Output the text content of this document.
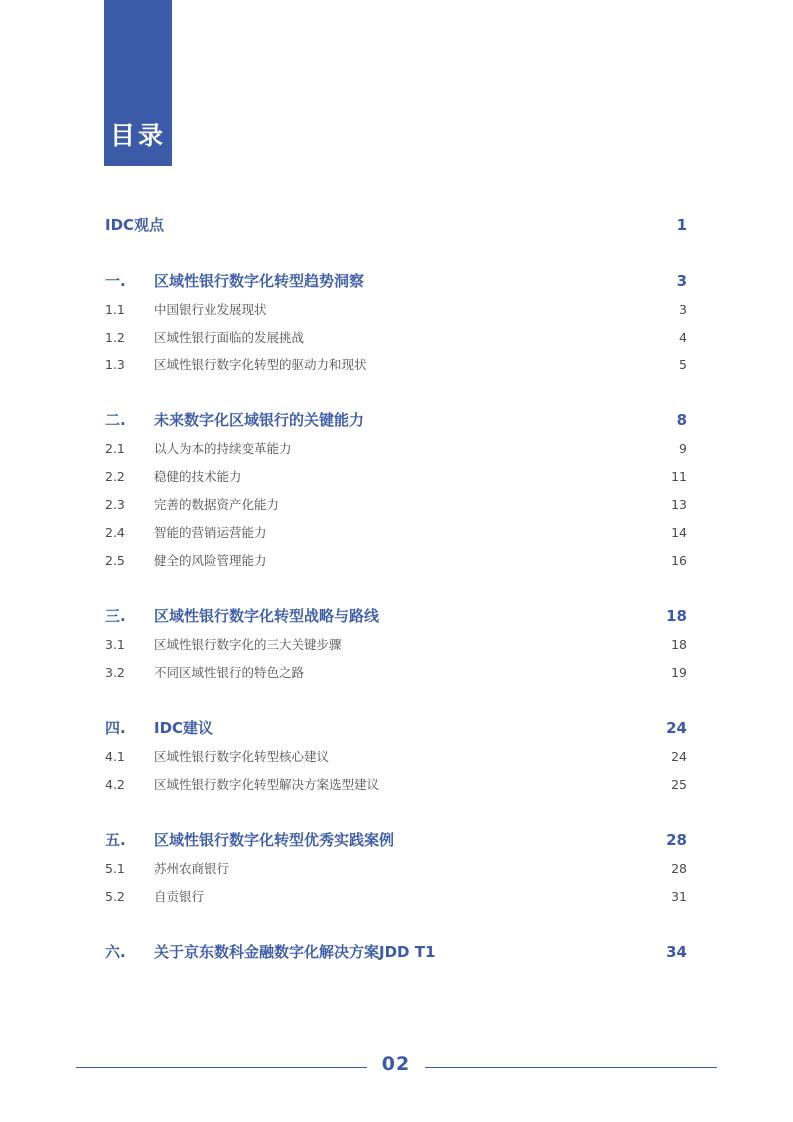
目录
IDC观点	1
一. 区域性银行数字化转型趋势洞察	3
1.1 中国银行业发展现状	3
1.2 区域性银行面临的发展挑战	4
1.3 区域性银行数字化转型的驱动力和现状	5
二. 未来数字化区域银行的关键能力	8
2.1 以人为本的持续变革能力	9
2.2 稳健的技术能力	11
2.3 完善的数据资产化能力	13
2.4 智能的营销运营能力	14
2.5 健全的风险管理能力	16
三. 区域性银行数字化转型战略与路线	18
3.1 区域性银行数字化的三大关键步骤	18
3.2 不同区域性银行的特色之路	19
四. IDC建议	24
4.1 区域性银行数字化转型核心建议	24
4.2 区域性银行数字化转型解决方案选型建议	25
五. 区域性银行数字化转型优秀实践案例	28
5.1 苏州农商银行	28
5.2 自贡银行	31
六. 关于京东数科金融数字化解决方案JDD T1	34
02
